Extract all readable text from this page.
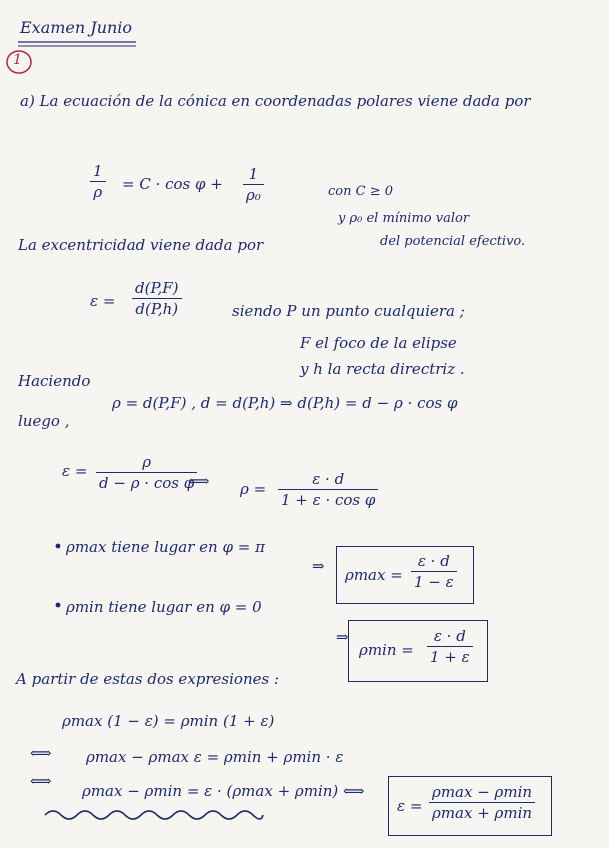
Examen Junio
1
a) La ecuación de la cónica en coordenadas polares viene dada por
1
ρ = C · cos φ +
1
ρ₀	con C ≥ 0
y ρ₀ el mínimo valor
del potencial efectivo.
La excentricidad viene dada por
ε =
d(P,F)
d(P,h)	siendo P un punto cualquiera ;
F el foco de la elipse
y h la recta directriz .
Haciendo
ρ = d(P,F) , d = d(P,h) ⇒ d(P,h) = d − ρ · cos φ
luego ,
ε =	ρ
d − ρ · cos φ
⟺ ρ =
ε · d
1 + ε · cos φ
ρmax tiene lugar en φ = π
⇒ ρmax =
ε · d
1 − ε
ρmin tiene lugar en φ = 0
⇒
ρmin =
ε · d
1 + ε
A partir de estas dos expresiones :
ρmax (1 − ε) = ρmin (1 + ε)
⟺ ρmax − ρmax ε = ρmin + ρmin · ε
⟺
ρmax − ρmin = ε · (ρmax + ρmin) ⟺
ε =
ρmax − ρmin
ρmax + ρmin
